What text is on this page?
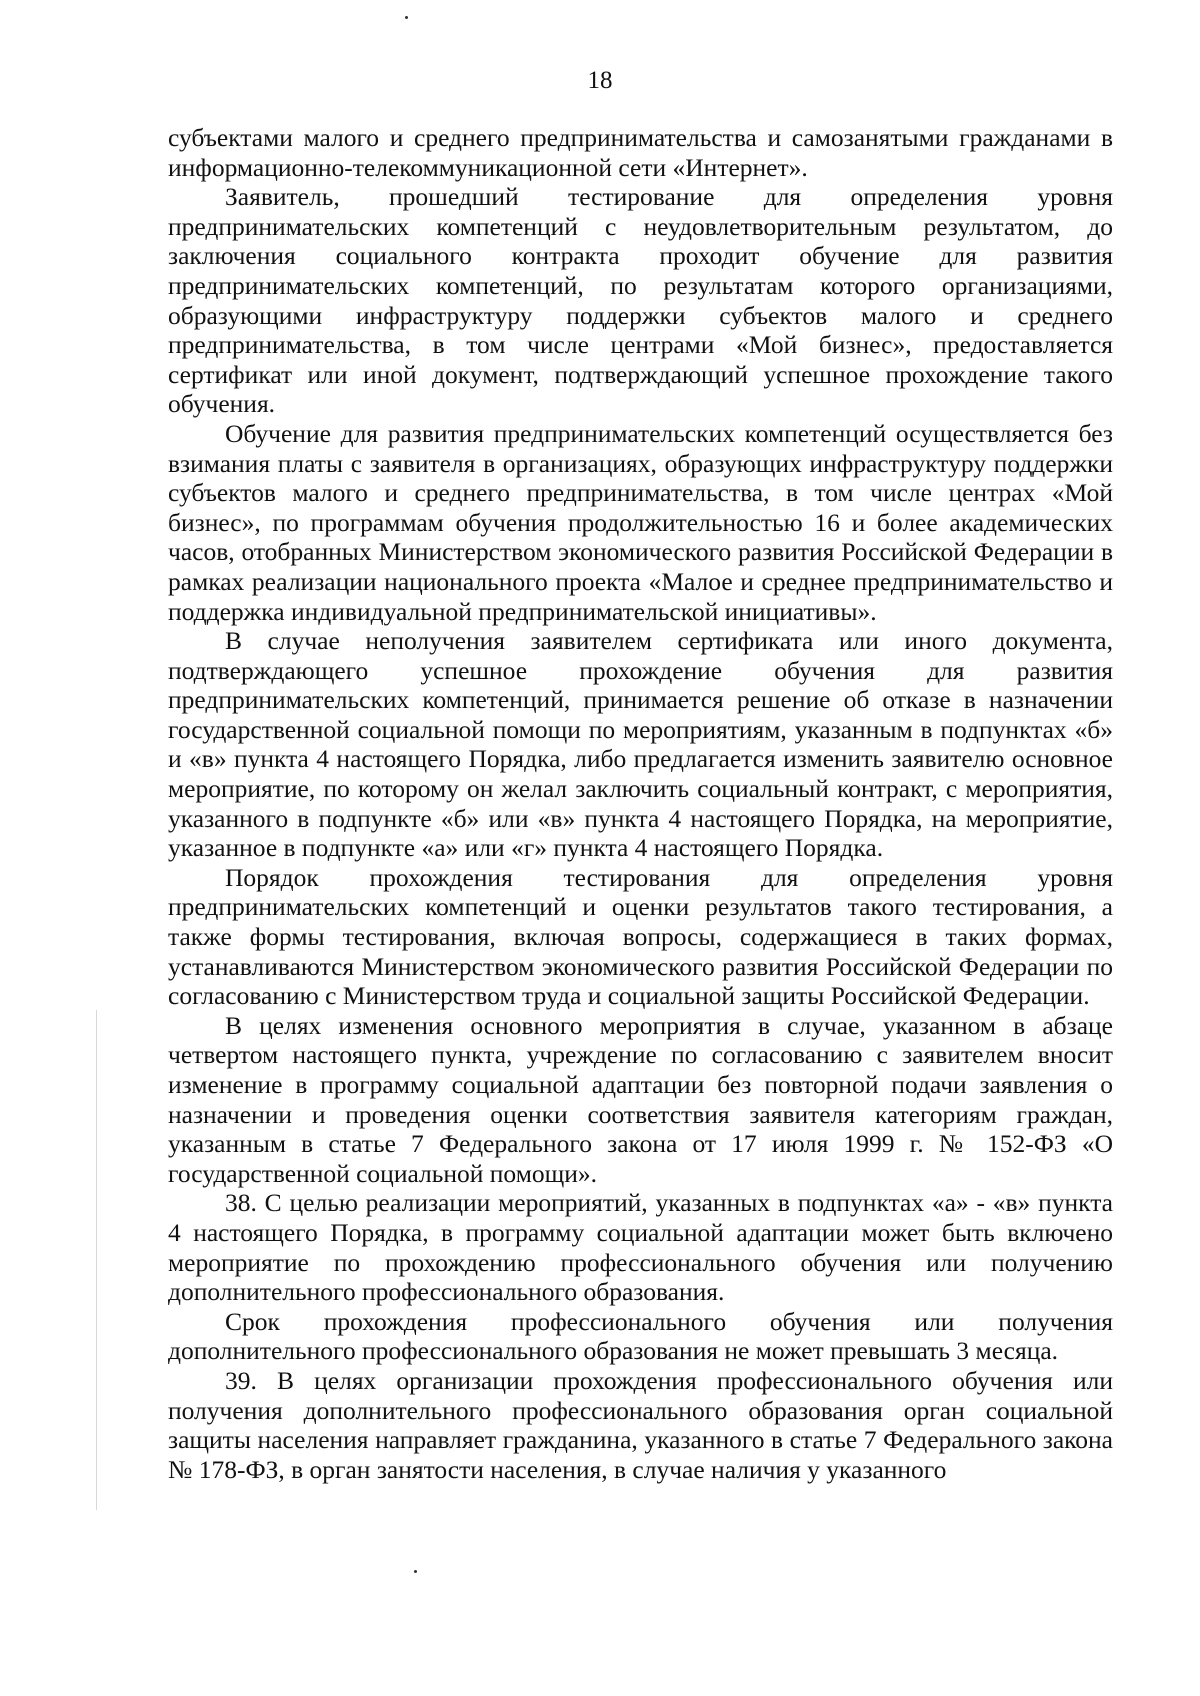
18

субъектами малого и среднего предпринимательства и самозанятыми гражданами в информационно-телекоммуникационной сети «Интернет».

Заявитель, прошедший тестирование для определения уровня предпринимательских компетенций с неудовлетворительным результатом, до заключения социального контракта проходит обучение для развития предпринимательских компетенций, по результатам которого организациями, образующими инфраструктуру поддержки субъектов малого и среднего предпринимательства, в том числе центрами «Мой бизнес», предоставляется сертификат или иной документ, подтверждающий успешное прохождение такого обучения.

Обучение для развития предпринимательских компетенций осуществляется без взимания платы с заявителя в организациях, образующих инфраструктуру поддержки субъектов малого и среднего предпринимательства, в том числе центрах «Мой бизнес», по программам обучения продолжительностью 16 и более академических часов, отобранных Министерством экономического развития Российской Федерации в рамках реализации национального проекта «Малое и среднее предпринимательство и поддержка индивидуальной предпринимательской инициативы».

В случае неполучения заявителем сертификата или иного документа, подтверждающего успешное прохождение обучения для развития предпринимательских компетенций, принимается решение об отказе в назначении государственной социальной помощи по мероприятиям, указанным в подпунктах «б» и «в» пункта 4 настоящего Порядка, либо предлагается изменить заявителю основное мероприятие, по которому он желал заключить социальный контракт, с мероприятия, указанного в подпункте «б» или «в» пункта 4 настоящего Порядка, на мероприятие, указанное в подпункте «а» или «г» пункта 4 настоящего Порядка.

Порядок прохождения тестирования для определения уровня предпринимательских компетенций и оценки результатов такого тестирования, а также формы тестирования, включая вопросы, содержащиеся в таких формах, устанавливаются Министерством экономического развития Российской Федерации по согласованию с Министерством труда и социальной защиты Российской Федерации.

В целях изменения основного мероприятия в случае, указанном в абзаце четвертом настоящего пункта, учреждение по согласованию с заявителем вносит изменение в программу социальной адаптации без повторной подачи заявления о назначении и проведения оценки соответствия заявителя категориям граждан, указанным в статье 7 Федерального закона от 17 июля 1999 г. № 152-ФЗ «О государственной социальной помощи».

38. С целью реализации мероприятий, указанных в подпунктах «а» - «в» пункта 4 настоящего Порядка, в программу социальной адаптации может быть включено мероприятие по прохождению профессионального обучения или получению дополнительного профессионального образования.

Срок прохождения профессионального обучения или получения дополнительного профессионального образования не может превышать 3 месяца.

39. В целях организации прохождения профессионального обучения или получения дополнительного профессионального образования орган социальной защиты населения направляет гражданина, указанного в статье 7 Федерального закона № 178-ФЗ, в орган занятости населения, в случае наличия у указанного
